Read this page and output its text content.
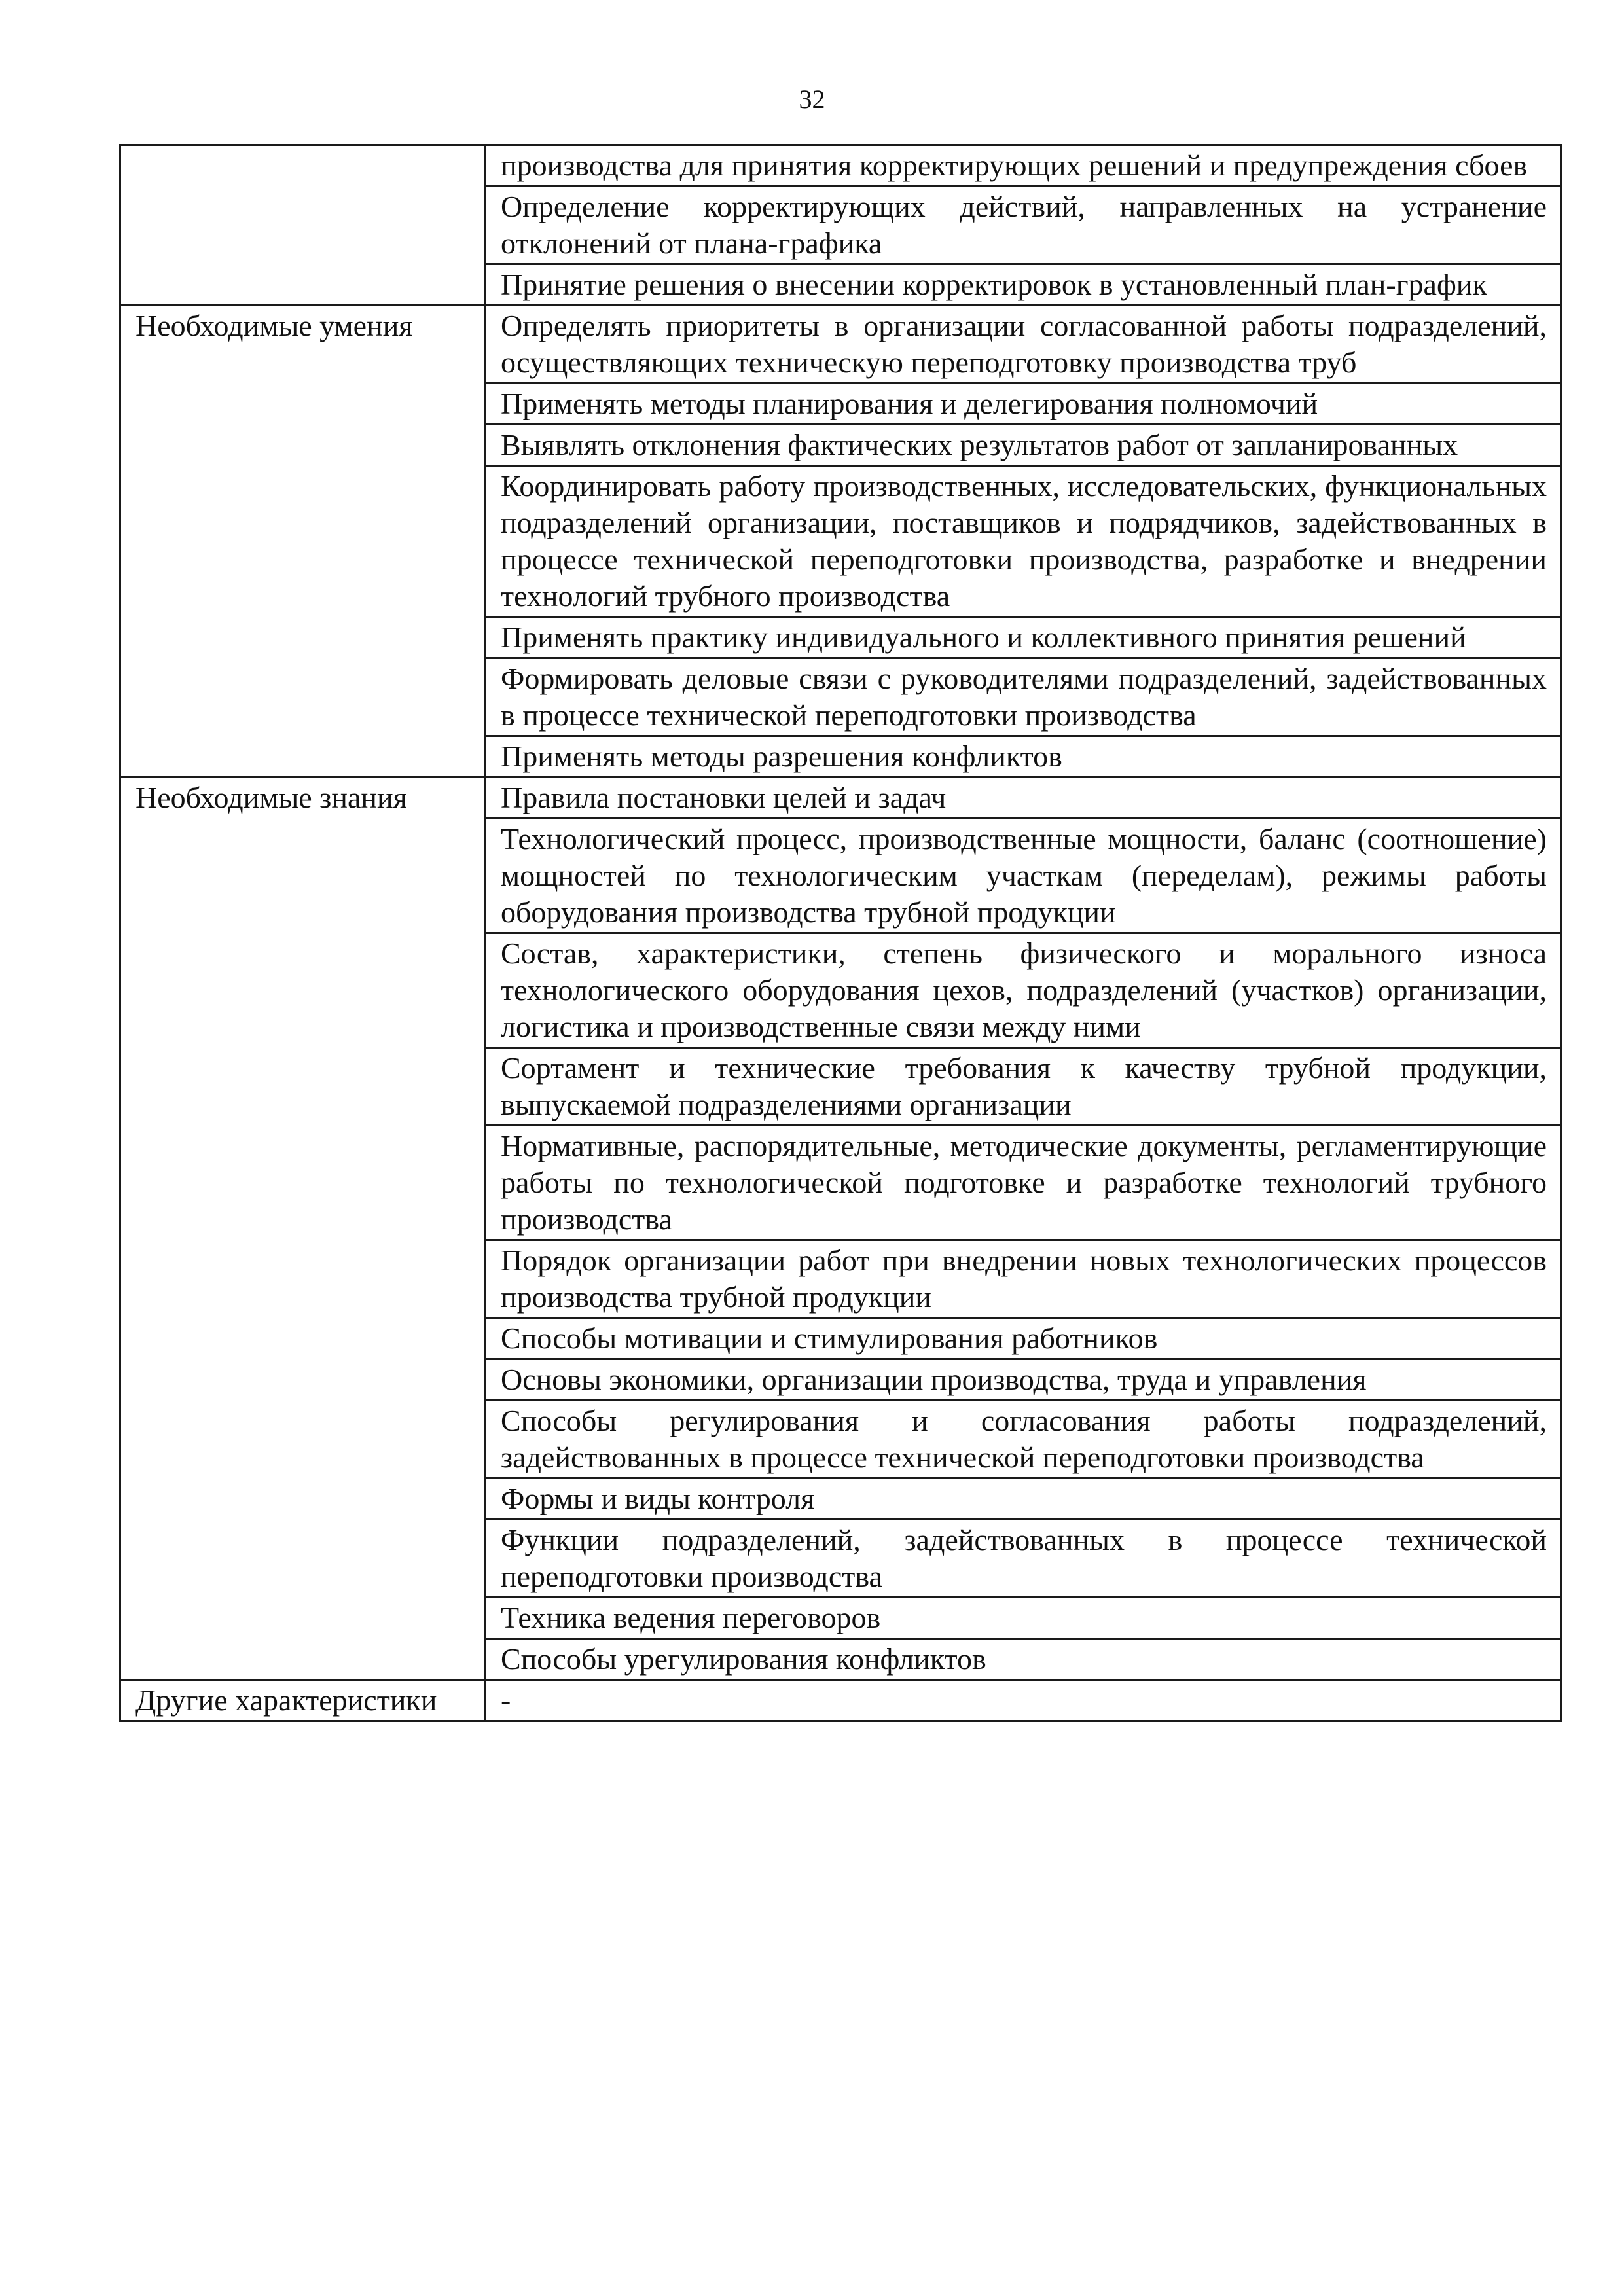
32
	производства для принятия корректирующих решений и предупреждения сбоев
	Определение корректирующих действий, направленных на устранение отклонений от плана-графика
	Принятие решения о внесении корректировок в установленный план-график
Необходимые умения	Определять приоритеты в организации согласованной работы подразделений, осуществляющих техническую переподготовку производства труб
	Применять методы планирования и делегирования полномочий
	Выявлять отклонения фактических результатов работ от запланированных
	Координировать работу производственных, исследовательских, функциональных подразделений организации, поставщиков и подрядчиков, задействованных в процессе технической переподготовки производства, разработке и внедрении технологий трубного производства
	Применять практику индивидуального и коллективного принятия решений
	Формировать деловые связи с руководителями подразделений, задействованных в процессе технической переподготовки производства
	Применять методы разрешения конфликтов
Необходимые знания	Правила постановки целей и задач
	Технологический процесс, производственные мощности, баланс (соотношение) мощностей по технологическим участкам (переделам), режимы работы оборудования производства трубной продукции
	Состав, характеристики, степень физического и морального износа технологического оборудования цехов, подразделений (участков) организации, логистика и производственные связи между ними
	Сортамент и технические требования к качеству трубной продукции, выпускаемой подразделениями организации
	Нормативные, распорядительные, методические документы, регламентирующие работы по технологической подготовке и разработке технологий трубного производства
	Порядок организации работ при внедрении новых технологических процессов производства трубной продукции
	Способы мотивации и стимулирования работников
	Основы экономики, организации производства, труда и управления
	Способы регулирования и согласования работы подразделений, задействованных в процессе технической переподготовки производства
	Формы и виды контроля
	Функции подразделений, задействованных в процессе технической переподготовки производства
	Техника ведения переговоров
	Способы урегулирования конфликтов
Другие характеристики	-
